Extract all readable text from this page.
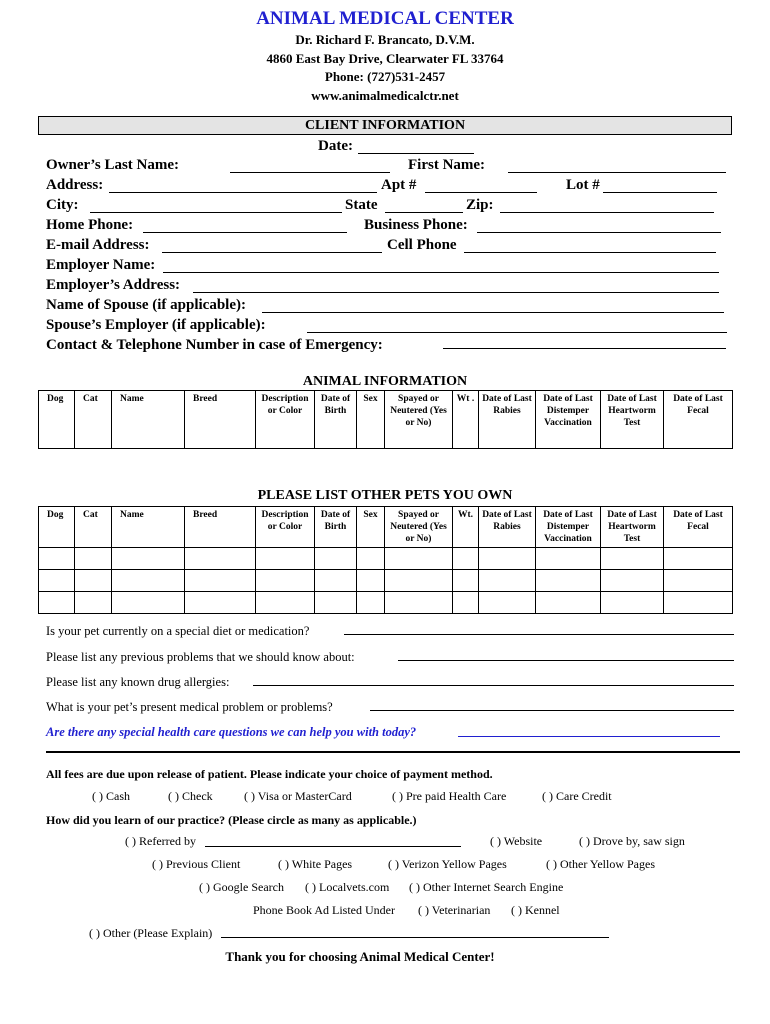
ANIMAL MEDICAL CENTER
Dr. Richard F. Brancato, D.V.M.
4860 East Bay Drive, Clearwater FL 33764
Phone: (727)531-2457
www.animalmedicalctr.net
CLIENT INFORMATION
Date:
Owner’s Last Name:	First Name:
Address:	Apt #	Lot #
City:	State	Zip:
Home Phone:	Business Phone:
E-mail Address:	Cell Phone
Employer Name:
Employer’s Address:
Name of Spouse (if applicable):
Spouse’s Employer (if applicable):
Contact & Telephone Number in case of Emergency:
ANIMAL INFORMATION
Dog	Cat	Name	Breed	Description or Color	Date of Birth	Sex	Spayed or Neutered (Yes or No)	Wt .	Date of Last Rabies	Date of Last Distemper Vaccination	Date of Last Heartworm Test	Date of Last Fecal
PLEASE LIST OTHER PETS YOU OWN
Dog	Cat	Name	Breed	Description or Color	Date of Birth	Sex	Spayed or Neutered (Yes or No)	Wt.	Date of Last Rabies	Date of Last Distemper Vaccination	Date of Last Heartworm Test	Date of Last Fecal

Is your pet currently on a special diet or medication?
Please list any previous problems that we should know about:
Please list any known drug allergies:
What is your pet’s present medical problem or problems?
Are there any special health care questions we can help you with today?
All fees are due upon release of patient. Please indicate your choice of payment method.
( ) Cash	( ) Check	( ) Visa or MasterCard	( ) Pre paid Health Care	( ) Care Credit
How did you learn of our practice? (Please circle as many as applicable.)
( ) Referred by	( ) Website	( ) Drove by, saw sign
( ) Previous Client	( ) White Pages	( ) Verizon Yellow Pages	( ) Other Yellow Pages
( ) Google Search ( ) Localvets.com ( ) Other Internet Search Engine
Phone Book Ad Listed Under ( ) Veterinarian ( ) Kennel
( ) Other (Please Explain)
Thank you for choosing Animal Medical Center!
